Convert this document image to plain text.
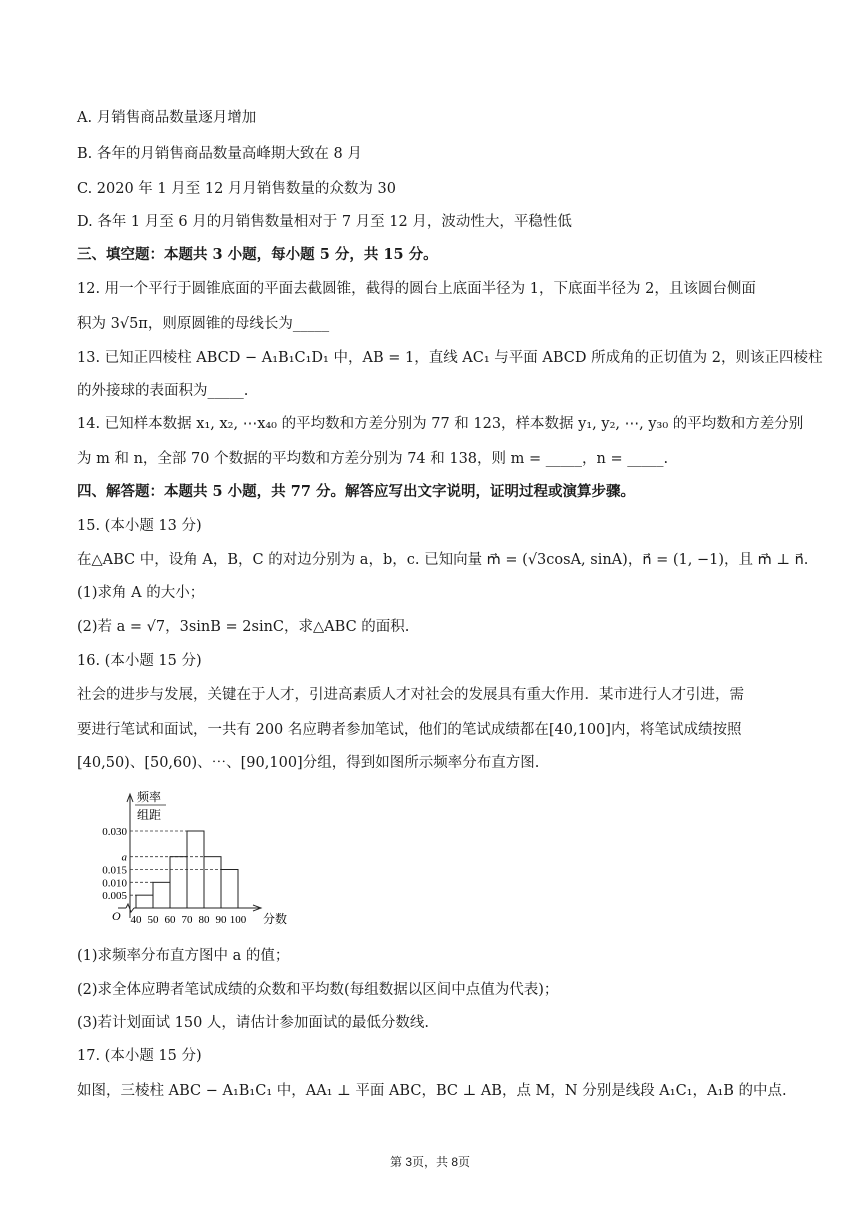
A. 月销售商品数量逐月增加
B. 各年的月销售商品数量高峰期大致在 8 月
C. 2020 年 1 月至 12 月月销售数量的众数为 30
D. 各年 1 月至 6 月的月销售数量相对于 7 月至 12 月，波动性大，平稳性低
三、填空题：本题共 3 小题，每小题 5 分，共 15 分。
12. 用一个平行于圆锥底面的平面去截圆锥，截得的圆台上底面半径为 1，下底面半径为 2，且该圆台侧面
积为 3√5π，则原圆锥的母线长为_____
13. 已知正四棱柱 ABCD − A₁B₁C₁D₁ 中，AB = 1，直线 AC₁ 与平面 ABCD 所成角的正切值为 2，则该正四棱柱
的外接球的表面积为_____.
14. 已知样本数据 x₁, x₂, ⋯x₄₀ 的平均数和方差分别为 77 和 123，样本数据 y₁, y₂, ⋯, y₃₀ 的平均数和方差分别
为 m 和 n，全部 70 个数据的平均数和方差分别为 74 和 138，则 m = _____，n = _____.
四、解答题：本题共 5 小题，共 77 分。解答应写出文字说明，证明过程或演算步骤。
15. (本小题 13 分)
在△ABC 中，设角 A，B，C 的对边分别为 a，b，c. 已知向量 m⃗ = (√3cosA, sinA)，n⃗ = (1, −1)，且 m⃗ ⊥ n⃗.
(1)求角 A 的大小；
(2)若 a = √7，3sinB = 2sinC，求△ABC 的面积.
16. (本小题 15 分)
社会的进步与发展，关键在于人才，引进高素质人才对社会的发展具有重大作用．某市进行人才引进，需
要进行笔试和面试，一共有 200 名应聘者参加笔试，他们的笔试成绩都在[40,100]内，将笔试成绩按照
[40,50)、[50,60)、⋯、[90,100]分组，得到如图所示频率分布直方图.
(1)求频率分布直方图中 a 的值；
(2)求全体应聘者笔试成绩的众数和平均数(每组数据以区间中点值为代表)；
(3)若计划面试 150 人，请估计参加面试的最低分数线.
17. (本小题 15 分)
如图，三棱柱 ABC − A₁B₁C₁ 中，AA₁ ⊥ 平面 ABC，BC ⊥ AB，点 M，N 分别是线段 A₁C₁，A₁B 的中点.
0.030
a
0.015
0.010
0.005
40 50 60 70 80 90 100
O
频率
组距
分数
第 3页，共 8页
